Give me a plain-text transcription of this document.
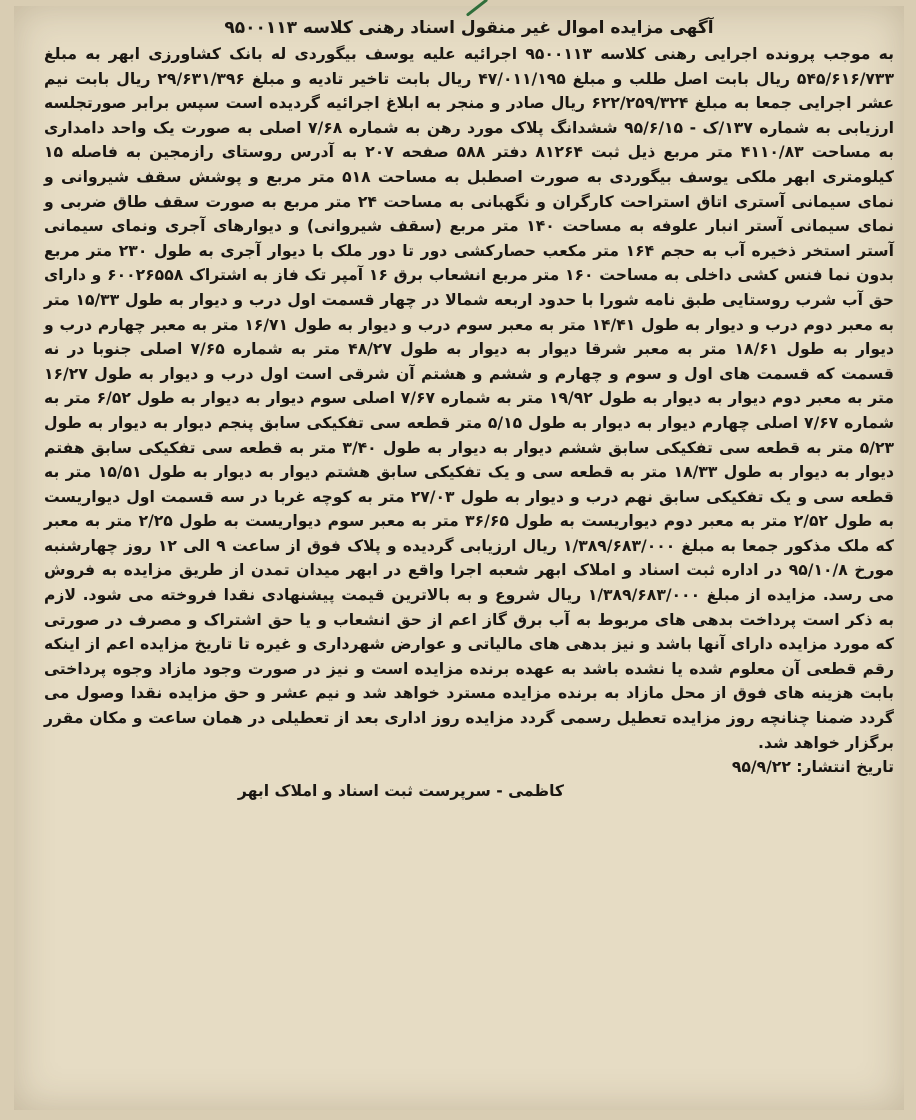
آگهی مزایده اموال غیر منقول اسناد رهنی کلاسه ۹۵۰۰۱۱۳

به موجب پرونده اجرایی رهنی کلاسه ۹۵۰۰۱۱۳ اجرائیه علیه یوسف بیگوردی له بانک کشاورزی ابهر به مبلغ ۵۴۵/۶۱۶/۷۳۳ ریال بابت اصل طلب و مبلغ ۴۷/۰۱۱/۱۹۵ ریال بابت تاخیر تادیه و مبلغ ۲۹/۶۳۱/۳۹۶ ریال بابت نیم عشر اجرایی جمعا به مبلغ ۶۲۲/۲۵۹/۳۲۴ ریال صادر و منجر به ابلاغ اجرائیه گردیده است سپس برابر صورتجلسه ارزیابی به شماره ۱۳۷/ک - ۹۵/۶/۱۵ ششدانگ پلاک مورد رهن به شماره ۷/۶۸ اصلی به صورت یک واحد دامداری به مساحت ۴۱۱۰/۸۳ متر مربع ذیل ثبت ۸۱۲۶۴ دفتر ۵۸۸ صفحه ۲۰۷ به آدرس روستای رازمجین به فاصله ۱۵ کیلومتری ابهر ملکی یوسف بیگوردی به صورت اصطبل به مساحت ۵۱۸ متر مربع و پوشش سقف شیروانی و نمای سیمانی آستری اتاق استراحت کارگران و نگهبانی به مساحت ۲۴ متر مربع به صورت سقف طاق ضربی و نمای سیمانی آستر انبار علوفه به مساحت ۱۴۰ متر مربع (سقف شیروانی) و دیوارهای آجری ونمای سیمانی آستر استخر ذخیره آب به حجم ۱۶۴ متر مکعب حصارکشی دور تا دور ملک با دیوار آجری به طول ۲۳۰ متر مربع بدون نما فنس کشی داخلی به مساحت ۱۶۰ متر مربع انشعاب برق ۱۶ آمپر تک فاز به اشتراک ۶۰۰۲۶۵۵۸ و دارای حق آب شرب روستایی طبق نامه شورا با حدود اربعه شمالا در چهار قسمت اول درب و دیوار به طول ۱۵/۳۳ متر به معبر دوم درب و دیوار به طول ۱۴/۴۱ متر به معبر سوم درب و دیوار به طول ۱۶/۷۱ متر به معبر چهارم درب و دیوار به طول ۱۸/۶۱ متر به معبر شرقا دیوار به دیوار به طول ۴۸/۲۷ متر به شماره ۷/۶۵ اصلی جنوبا در نه قسمت که قسمت های اول و سوم و چهارم و ششم و هشتم آن شرقی است اول درب و دیوار به طول ۱۶/۲۷ متر به معبر دوم دیوار به دیوار به طول ۱۹/۹۲ متر به شماره ۷/۶۷ اصلی سوم دیوار به دیوار به طول ۶/۵۲ متر به شماره ۷/۶۷ اصلی چهارم دیوار به دیوار به طول ۵/۱۵ متر قطعه سی تفکیکی سابق پنجم دیوار به دیوار به طول ۵/۲۳ متر به قطعه سی تفکیکی سابق ششم دیوار به دیوار به طول ۳/۴۰ متر به قطعه سی تفکیکی سابق هفتم دیوار به دیوار به طول ۱۸/۳۳ متر به قطعه سی و یک تفکیکی سابق هشتم دیوار به دیوار به طول ۱۵/۵۱ متر به قطعه سی و یک تفکیکی سابق نهم درب و دیوار به طول ۲۷/۰۳ متر به کوچه غربا در سه قسمت اول دیواریست به طول ۲/۵۲ متر به معبر دوم دیواریست به طول ۳۶/۶۵ متر به معبر سوم دیواریست به طول ۲/۲۵ متر به معبر که ملک مذکور جمعا به مبلغ ۱/۳۸۹/۶۸۳/۰۰۰ ریال ارزیابی گردیده و پلاک فوق از ساعت ۹ الی ۱۲ روز چهارشنبه مورخ ۹۵/۱۰/۸ در اداره ثبت اسناد و املاک ابهر شعبه اجرا واقع در ابهر میدان تمدن از طریق مزایده به فروش می رسد. مزایده از مبلغ ۱/۳۸۹/۶۸۳/۰۰۰ ریال شروع و به بالاترین قیمت پیشنهادی نقدا فروخته می شود. لازم به ذکر است پرداخت بدهی های مربوط به آب برق گاز اعم از حق انشعاب و یا حق اشتراک و مصرف در صورتی که مورد مزایده دارای آنها باشد و نیز بدهی های مالیاتی و عوارض شهرداری و غیره تا تاریخ مزایده اعم از اینکه رقم قطعی آن معلوم شده یا نشده باشد به عهده برنده مزایده است و نیز در صورت وجود مازاد وجوه پرداختی بابت هزینه های فوق از محل مازاد به برنده مزایده مسترد خواهد شد و نیم عشر و حق مزایده نقدا وصول می گردد ضمنا چنانچه روز مزایده تعطیل رسمی گردد مزایده روز اداری بعد از تعطیلی در همان ساعت و مکان مقرر برگزار خواهد شد.

تاریخ انتشار: ۹۵/۹/۲۲

کاظمی - سرپرست ثبت اسناد و املاک ابهر
